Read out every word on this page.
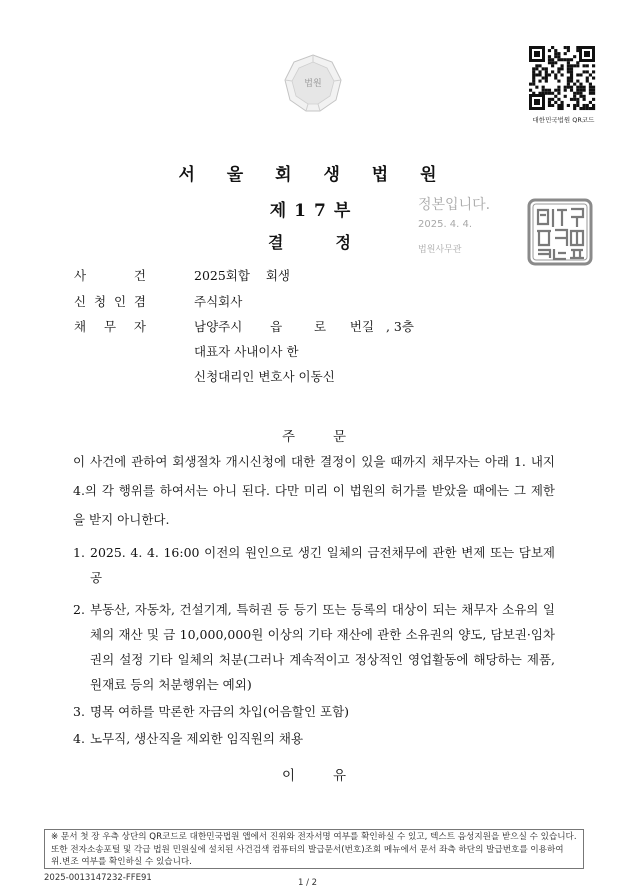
법원
대한민국법원 QR코드
서 울 회 생 법 원
제17부
결정
정본입니다.
2025. 4. 4.
법원사무관
사	건	2025회합    회생
신 청 인 겸	주식회사
채 무 자	남양주시       읍        로      번길   , 3층
대표자 사내이사 한
신청대리인 변호사 이동신
주문
이 사건에 관하여 회생절차 개시신청에 대한 결정이 있을 때까지 채무자는 아래 1. 내지 4.의 각 행위를 하여서는 아니 된다. 다만 미리 이 법원의 허가를 받았을 때에는 그 제한을 받지 아니한다.
1. 2025. 4. 4. 16:00 이전의 원인으로 생긴 일체의 금전채무에 관한 변제 또는 담보제공
2. 부동산, 자동차, 건설기계, 특허권 등 등기 또는 등록의 대상이 되는 채무자 소유의 일체의 재산 및 금 10,000,000원 이상의 기타 재산에 관한 소유권의 양도, 담보권·임차권의 설정 기타 일체의 처분(그러나 계속적이고 정상적인 영업활동에 해당하는 제품, 원재료 등의 처분행위는 예외)
3. 명목 여하를 막론한 자금의 차입(어음할인 포함)
4. 노무직, 생산직을 제외한 임직원의 채용
이유
※ 문서 첫 장 우측 상단의 QR코드로 대한민국법원 앱에서 진위와 전자서명 여부를 확인하실 수 있고, 텍스트 음성지원을 받으실 수 있습니다. 또한 전자소송포털 및 각급 법원 민원실에 설치된 사건검색 컴퓨터의 발급문서(번호)조회 메뉴에서 문서 좌측 하단의 발급번호를 이용하여 위.변조 여부를 확인하실 수 있습니다.
2025-0013147232-FFE91	1 / 2
